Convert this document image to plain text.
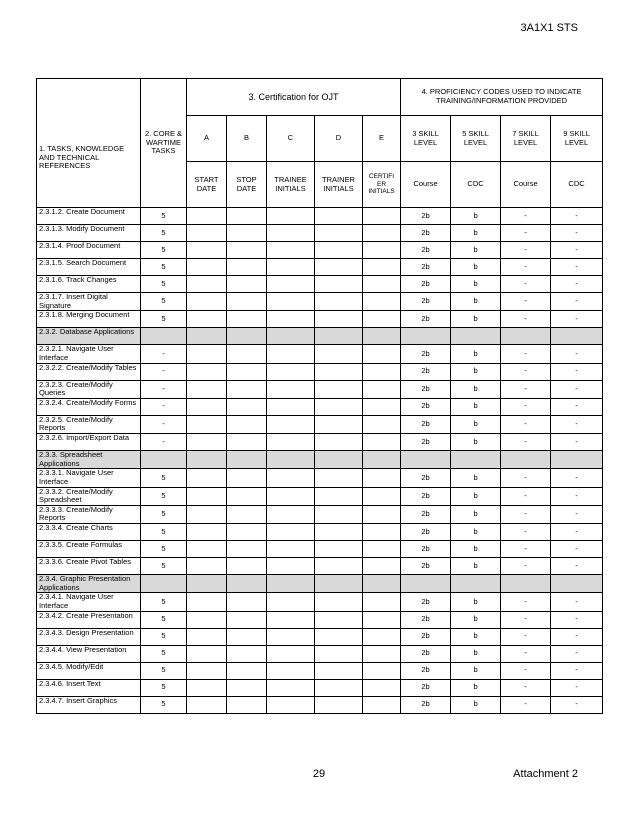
3A1X1 STS
1. TASKS, KNOWLEDGE AND TECHNICAL REFERENCES	2. CORE & WARTIME TASKS	3. Certification for OJT					4. PROFICIENCY CODES USED TO INDICATE TRAINING/INFORMATION PROVIDED			
		A	B	C	D	E	3 SKILL LEVEL	5 SKILL LEVEL	7 SKILL LEVEL	9 SKILL LEVEL
		START DATE	STOP DATE	TRAINEE INITIALS	TRAINER INITIALS	CERTIFI ER INITIALS	Course	CDC	Course	CDC
2.3.1.2. Create Document	5						2b	b	-	-
2.3.1.3. Modify Document	5						2b	b	-	-
2.3.1.4. Proof Document	5						2b	b	-	-
2.3.1.5. Search Document	5						2b	b	-	-
2.3.1.6. Track Changes	5						2b	b	-	-
2.3.1.7. Insert Digital Signature	5						2b	b	-	-
2.3.1.8. Merging Document	5						2b	b	-	-
2.3.2. Database Applications										
2.3.2.1. Navigate User Interface	-						2b	b	-	-
2.3.2.2. Create/Modify Tables	-						2b	b	-	-
2.3.2.3. Create/Modify Queries	-						2b	b	-	-
2.3.2.4. Create/Modify Forms	-						2b	b	-	-
2.3.2.5. Create/Modify Reports	-						2b	b	-	-
2.3.2.6. Import/Export Data	-						2b	b	-	-
2.3.3. Spreadsheet Applications										
2.3.3.1. Navigate User Interface	5						2b	b	-	-
2.3.3.2. Create/Modify Spreadsheet	5						2b	b	-	-
2.3.3.3. Create/Modify Reports	5						2b	b	-	-
2.3.3.4. Create Charts	5						2b	b	-	-
2.3.3.5. Create Formulas	5						2b	b	-	-
2.3.3.6. Create Pivot Tables	5						2b	b	-	-
2.3.4. Graphic Presentation Applications										
2.3.4.1. Navigate User Interface	5						2b	b	-	-
2.3.4.2. Create Presentation	5						2b	b	-	-
2.3.4.3. Design Presentation	5						2b	b	-	-
2.3.4.4. View Presentation	5						2b	b	-	-
2.3.4.5. Modify/Edit	5						2b	b	-	-
2.3.4.6. Insert Text	5						2b	b	-	-
2.3.4.7. Insert Graphics	5						2b	b	-	-
29	Attachment 2
